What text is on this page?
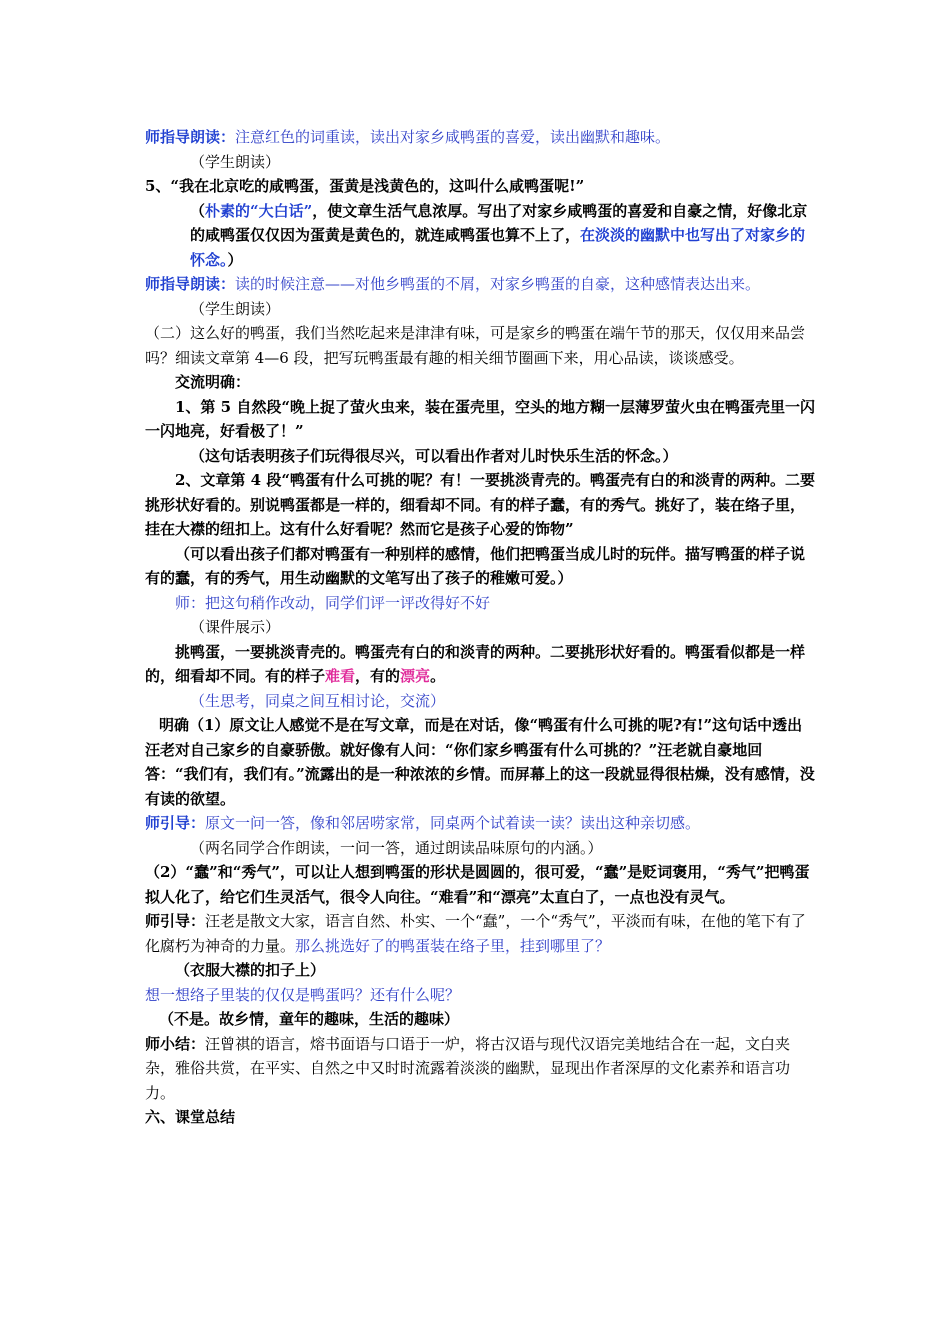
师指导朗读：注意红色的词重读，读出对家乡咸鸭蛋的喜爱，读出幽默和趣味。
（学生朗读）
5、“我在北京吃的咸鸭蛋，蛋黄是浅黄色的，这叫什么咸鸭蛋呢!”
（朴素的“大白话”，使文章生活气息浓厚。写出了对家乡咸鸭蛋的喜爱和自豪之情，好像北京的咸鸭蛋仅仅因为蛋黄是黄色的，就连咸鸭蛋也算不上了，在淡淡的幽默中也写出了对家乡的怀念。）
师指导朗读：读的时候注意——对他乡鸭蛋的不屑，对家乡鸭蛋的自豪，这种感情表达出来。
（学生朗读）
（二）这么好的鸭蛋，我们当然吃起来是津津有味，可是家乡的鸭蛋在端午节的那天，仅仅用来品尝吗？细读文章第 4—6 段，把写玩鸭蛋最有趣的相关细节圈画下来，用心品读，谈谈感受。
交流明确：
1、第 5 自然段“晚上捉了萤火虫来，装在蛋壳里，空头的地方糊一层薄罗萤火虫在鸭蛋壳里一闪一闪地亮，好看极了！”
（这句话表明孩子们玩得很尽兴，可以看出作者对儿时快乐生活的怀念。）
2、文章第 4 段“鸭蛋有什么可挑的呢？有！一要挑淡青壳的。鸭蛋壳有白的和淡青的两种。二要挑形状好看的。别说鸭蛋都是一样的，细看却不同。有的样子蠢，有的秀气。挑好了，装在络子里，挂在大襟的纽扣上。这有什么好看呢？然而它是孩子心爱的饰物”
（可以看出孩子们都对鸭蛋有一种别样的感情，他们把鸭蛋当成儿时的玩伴。描写鸭蛋的样子说有的蠢，有的秀气，用生动幽默的文笔写出了孩子的稚嫩可爱。）
师：把这句稍作改动，同学们评一评改得好不好
（课件展示）
挑鸭蛋，一要挑淡青壳的。鸭蛋壳有白的和淡青的两种。二要挑形状好看的。鸭蛋看似都是一样的，细看却不同。有的样子难看，有的漂亮。
（生思考，同桌之间互相讨论，交流）
明确（1）原文让人感觉不是在写文章，而是在对话，像“鸭蛋有什么可挑的呢?有!”这句话中透出汪老对自己家乡的自豪骄傲。就好像有人问：“你们家乡鸭蛋有什么可挑的？”汪老就自豪地回答：“我们有，我们有。”流露出的是一种浓浓的乡情。而屏幕上的这一段就显得很枯燥，没有感情，没有读的欲望。
师引导：原文一问一答，像和邻居唠家常，同桌两个试着读一读？读出这种亲切感。
（两名同学合作朗读，一问一答，通过朗读品味原句的内涵。）
（2）“蠢”和“秀气”，可以让人想到鸭蛋的形状是圆圆的，很可爱，“蠢”是贬词褒用，“秀气”把鸭蛋拟人化了，给它们生灵活气，很令人向往。“难看”和“漂亮”太直白了，一点也没有灵气。
师引导：汪老是散文大家，语言自然、朴实、一个“蠢”，一个“秀气”，平淡而有味，在他的笔下有了化腐朽为神奇的力量。那么挑选好了的鸭蛋装在络子里，挂到哪里了？
（衣服大襟的扣子上）
想一想络子里装的仅仅是鸭蛋吗？还有什么呢？
（不是。故乡情，童年的趣味，生活的趣味）
师小结：汪曾祺的语言，熔书面语与口语于一炉，将古汉语与现代汉语完美地结合在一起，文白夹杂，雅俗共赏，在平实、自然之中又时时流露着淡淡的幽默，显现出作者深厚的文化素养和语言功力。
六、课堂总结
